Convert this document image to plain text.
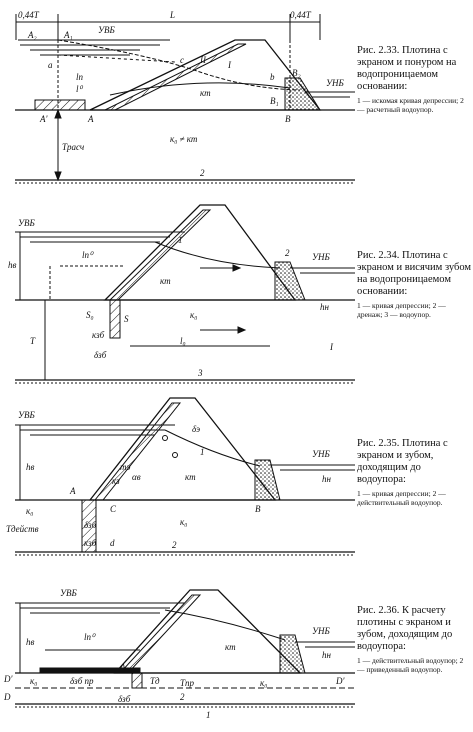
0,44T	L	0,44T
A₂	A₁
a
УВБ
lп
l⁰
c II I
b B₂
УНБ
кт
B₁
A'	A	B
Tрасч
к₀ ≠ кт
2
УВБ
hв
lп⁰
1
кт
2	УНБ
S₀	S
кзб
к₀
hн
T	l₀
δзб
3
I
УВБ
hв	mэ
δэ
1
кт
УНБ
hн
к₀
A
C
αв
кз
Tдейств	δзб
кзб d
к₀
B
2
УВБ
hв	lп⁰
кт
УНБ
hн
D' к₀	δзб пр
A
Tд Tпр	к₀	D'
D	δзб	2
1
Рис. 2.33. Плотина с экраном и понуром на водопроницаемом основании:
1 — искомая кривая депрессии; 2 — расчетный водоупор.
Рис. 2.34. Плотина с экраном и висячим зубом на водопроницаемом основании:
1 — кривая депрессии; 2 — дренаж; 3 — водоупор.
Рис. 2.35. Плотина с экраном и зубом, доходящим до водоупора:
1 — кривая депрессии; 2 — действительный водоупор.
Рис. 2.36. К расчету плотины с экраном и зубом, доходящим до водоупора:
1 — действительный водоупор; 2 — приведенный водоупор.
